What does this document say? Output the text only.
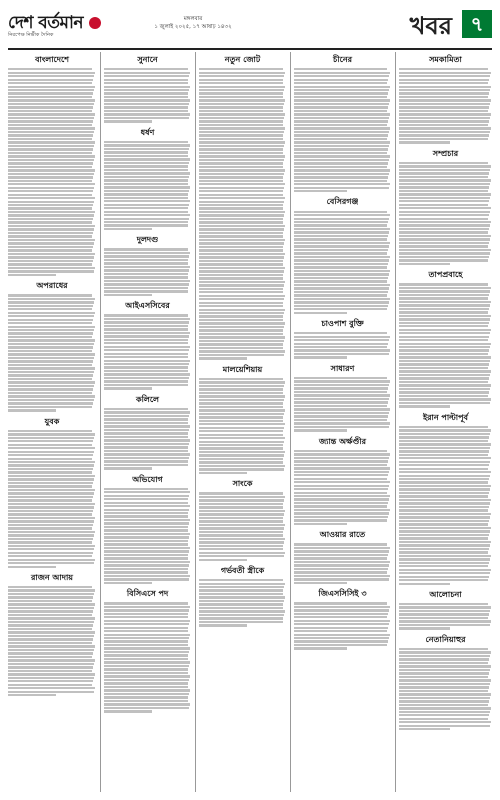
দেশ বর্তমান
নিরপেক্ষ নির্ভীক দৈনিক
মঙ্গলবার
১ জুলাই ২০২৫, ১৭ আষাঢ় ১৪৩২	খবর ৭
বাংলাদেশে
অপরাধের
যুবক
রাজন আদায়
সুনানে
ধর্ষণ
দুলদগু
আইএসসিবের
কলিলে
অভিযোগ
বিসিএসে পদ
নতুন জোট
মালয়েশিয়ায়
সাংকে
গর্ভবতী স্ত্রীকে
চীনের
বেসিরগঞ্জ
চাওপাশ বুক্তি
সাধারণ
জ্যান্ত অর্ক্ষণ্ডীর
আওয়ার রাতে
জিএসসিসিই ৩
সমকামিতা
সম্প্রচার
তাপপ্রবাহে
ইরান পাল্টাপূর্ব
আলোচনা
নেতানিয়াহুর
